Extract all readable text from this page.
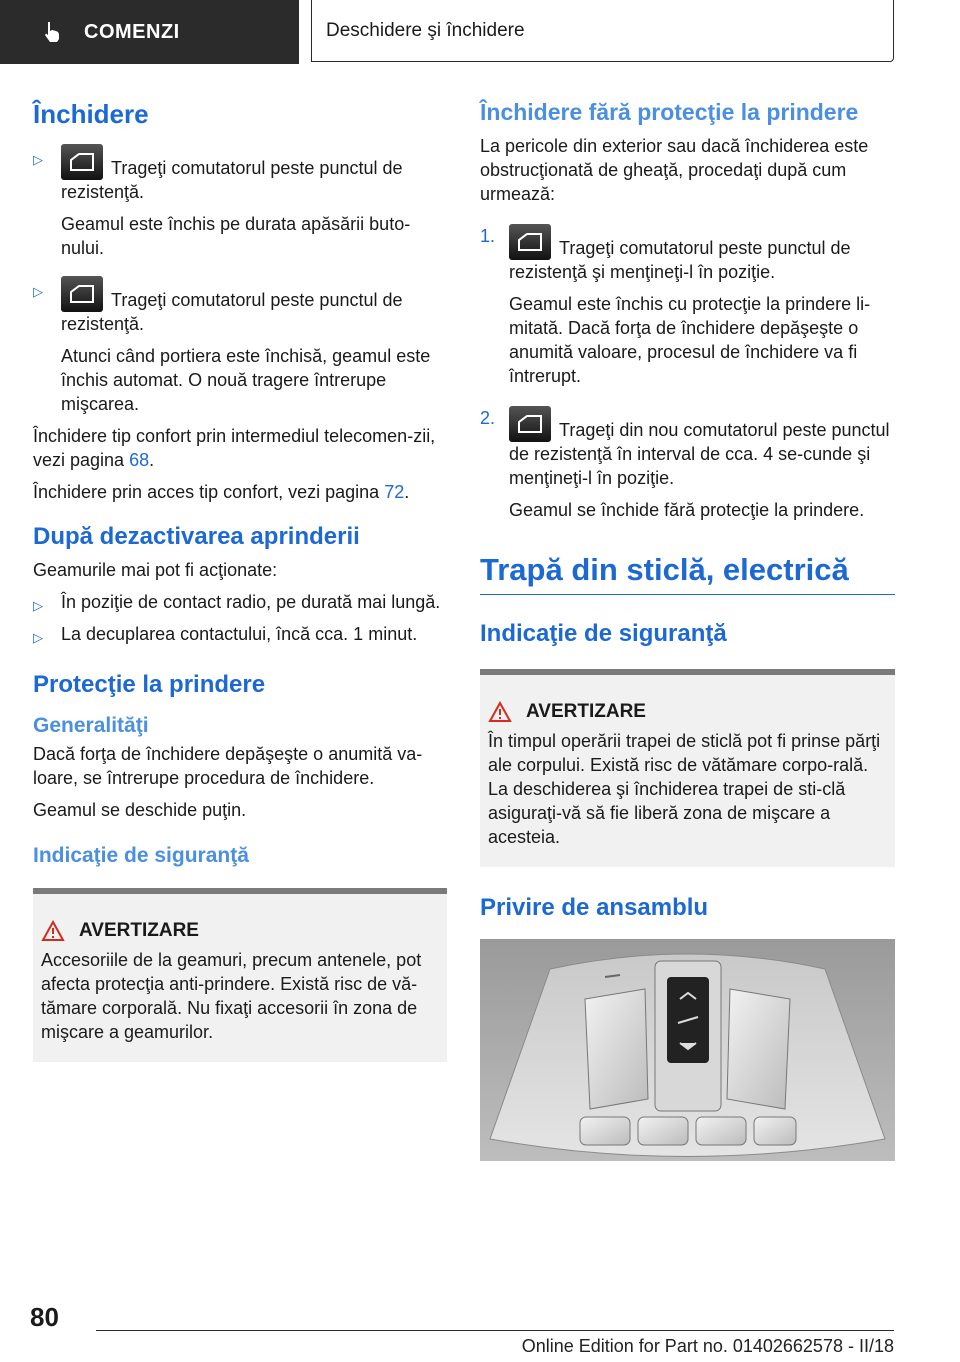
COMENZI	Deschidere şi închidere
Închidere
▷	Trageţi comutatorul peste punctul de rezistenţă.

Geamul este închis pe durata apăsării buto-nului.

▷	Trageţi comutatorul peste punctul de rezistenţă.

Atunci când portiera este închisă, geamul este închis automat. O nouă tragere întrerupe mişcarea.

Închidere tip confort prin intermediul telecomen-zii, vezi pagina 68.

Închidere prin acces tip confort, vezi pagina 72.

După dezactivarea aprinderii

Geamurile mai pot fi acţionate:

▷ În poziţie de contact radio, pe durată mai lungă.
▷ La decuplarea contactului, încă cca. 1 minut.
Protecţie la prindere
Generalităţi

Dacă forţa de închidere depăşeşte o anumită va-loare, se întrerupe procedura de închidere.

Geamul se deschide puţin.

Indicaţie de siguranţă
AVERTIZARE

Accesoriile de la geamuri, precum antenele, pot afecta protecţia anti-prindere. Există risc de vă-tămare corporală. Nu fixaţi accesorii în zona de mişcare a geamurilor.

Închidere fără protecţie la prindere

La pericole din exterior sau dacă închiderea este obstrucţionată de gheaţă, procedaţi după cum urmează:

1.
Trageţi comutatorul peste punctul de rezistenţă şi menţineţi-l în poziţie.

Geamul este închis cu protecţie la prindere li-mitată. Dacă forţa de închidere depăşeşte o anumită valoare, procesul de închidere va fi întrerupt.

2.
Trageţi din nou comutatorul peste punctul de rezistenţă în interval de cca. 4 se-cunde şi menţineţi-l în poziţie.

Geamul se închide fără protecţie la prindere.

Trapă din sticlă, electrică
Indicaţie de siguranţă
AVERTIZARE

În timpul operării trapei de sticlă pot fi prinse părţi ale corpului. Există risc de vătămare corpo-rală. La deschiderea şi închiderea trapei de sti-clă asiguraţi-vă să fie liberă zona de mişcare a acesteia.

Privire de ansamblu
80
Online Edition for Part no. 01402662578 - II/18
